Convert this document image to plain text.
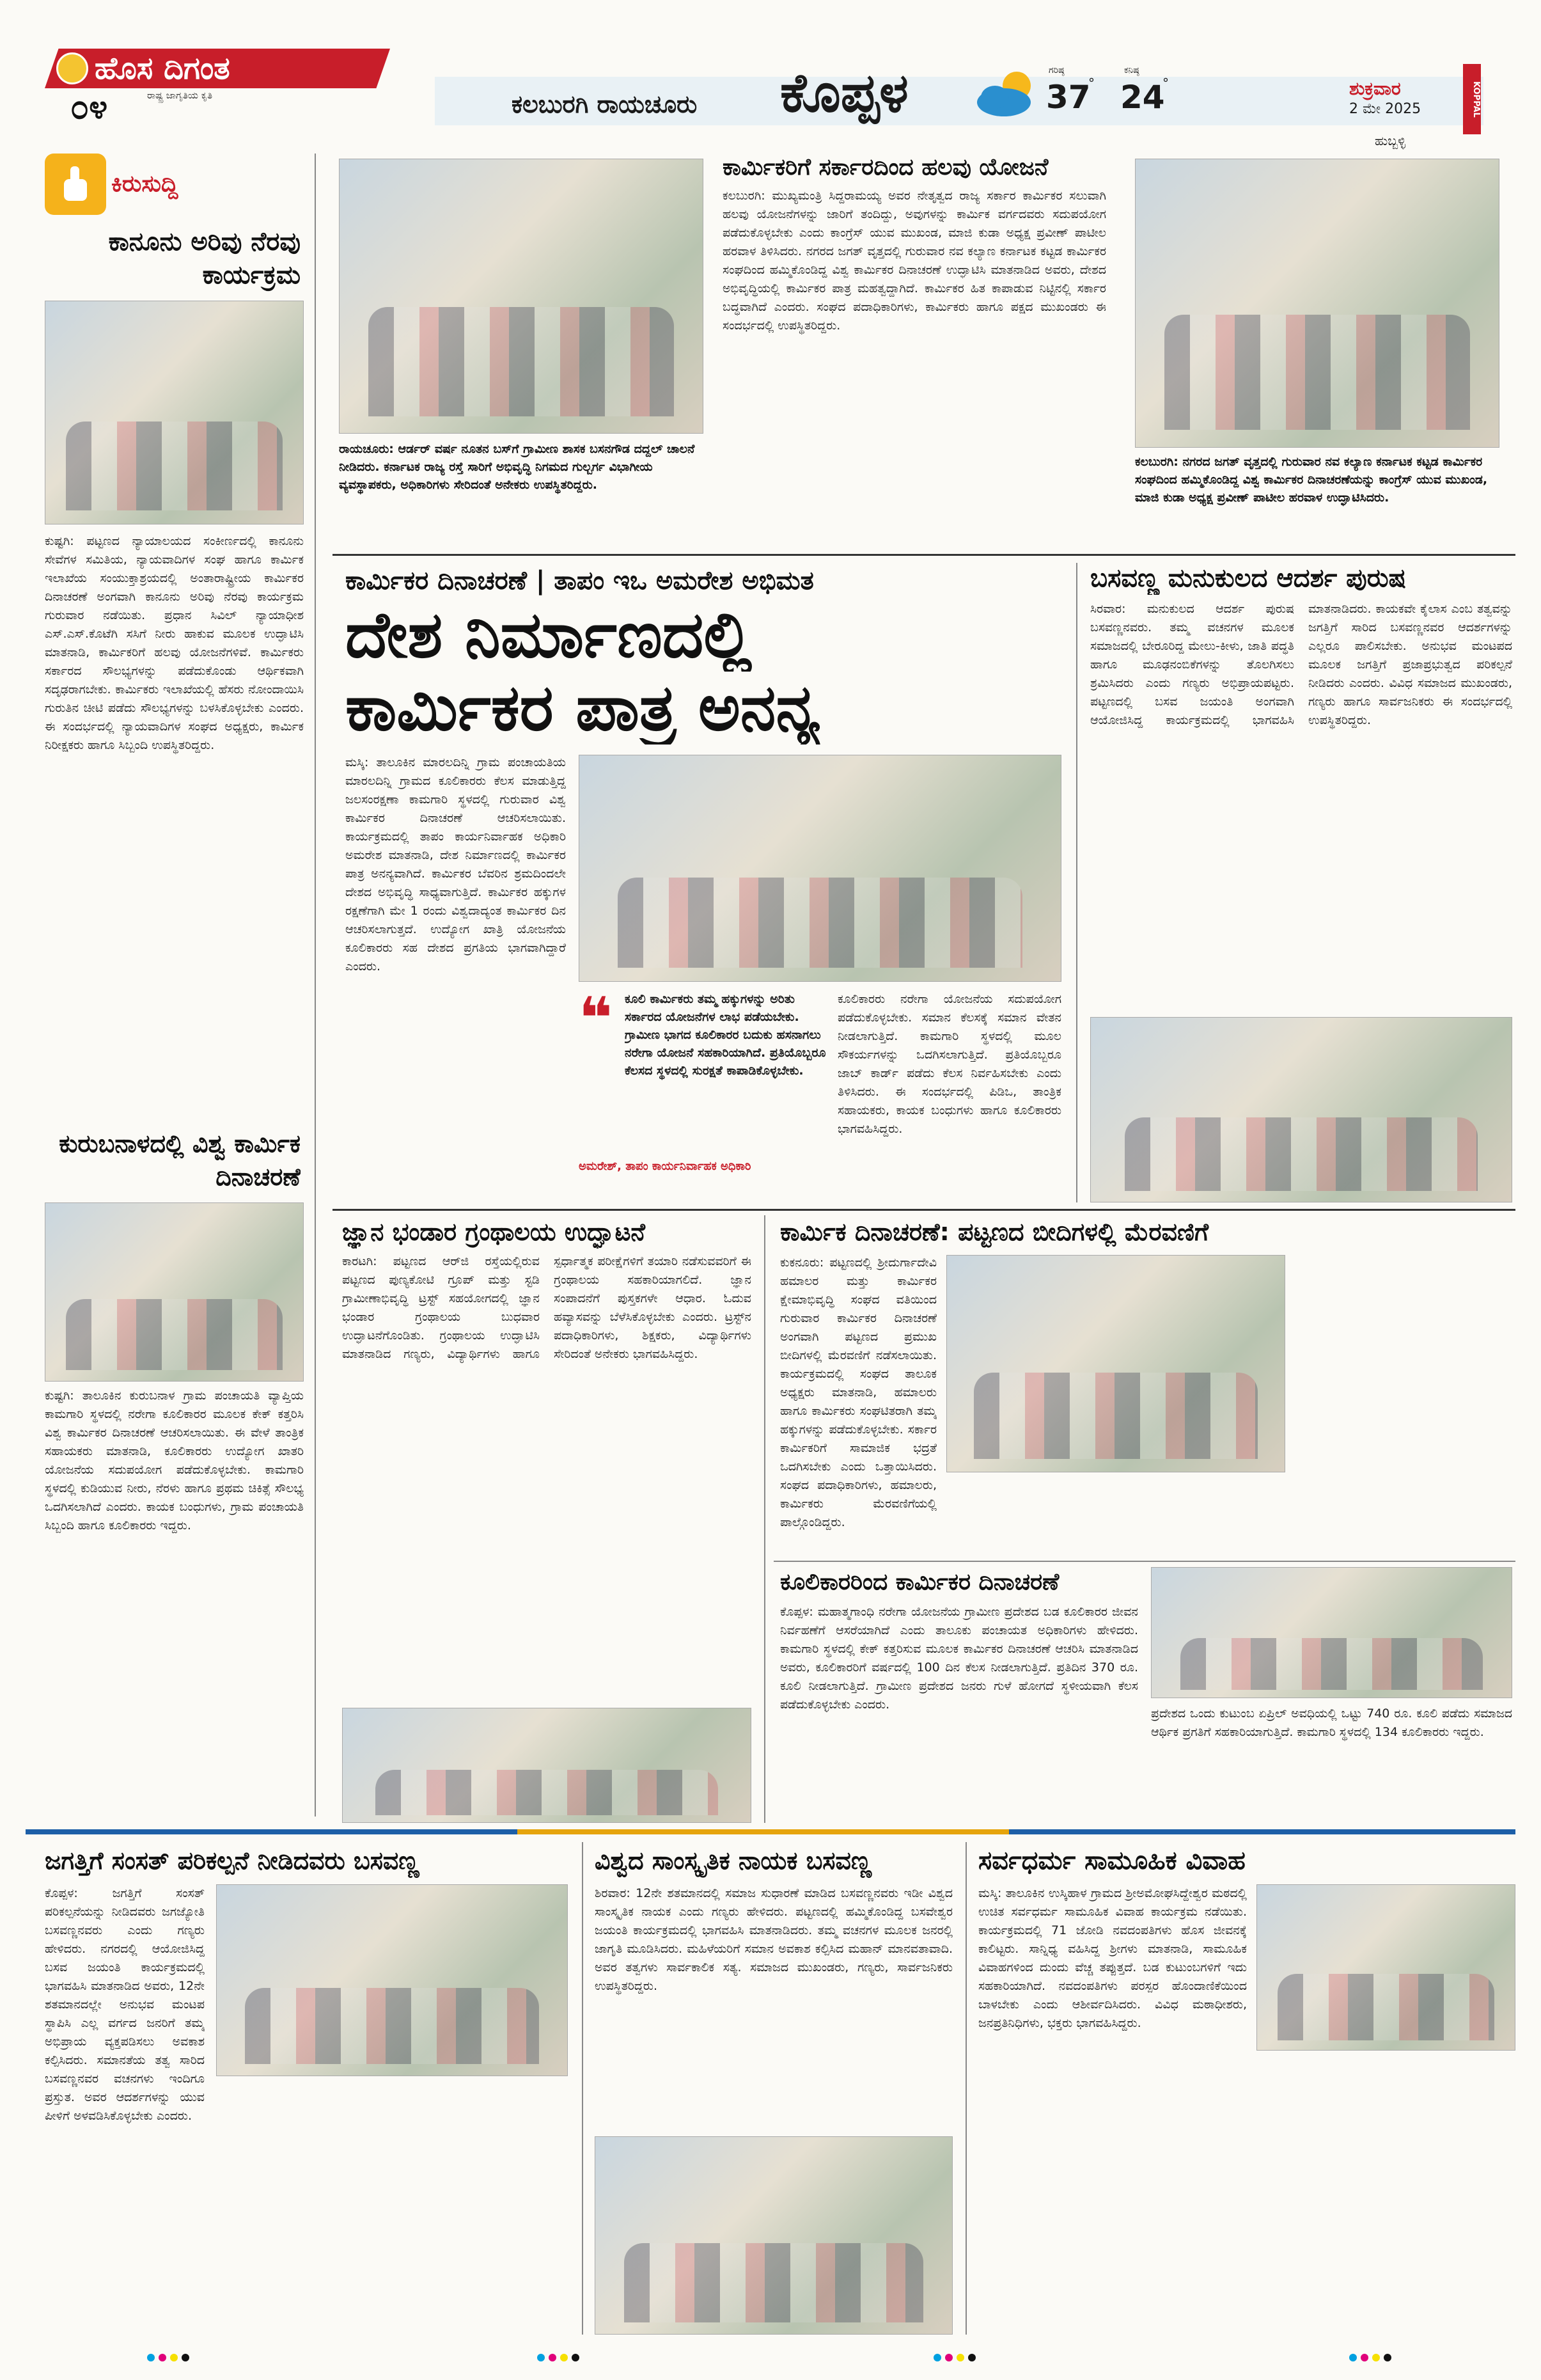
ಹೊಸ ದಿಗಂತ
ರಾಷ್ಟ್ರ ಜಾಗೃತಿಯ ಕೃತಿ
೦೪	ಕಲಬುರಗಿ ರಾಯಚೂರು	ಕೊಪ್ಪಳ	ಗರಿಷ್ಠ
37
°
ಕನಿಷ್ಠ
24
°	ಶುಕ್ರವಾರ
2 ಮೇ 2025
ಹುಬ್ಬಳ್ಳಿ
KOPPAL
ಕಿರುಸುದ್ದಿ
ಕಾನೂನು ಅರಿವು ನೆರವು ಕಾರ್ಯಕ್ರಮ
ಕುಷ್ಟಗಿ: ಪಟ್ಟಣದ ನ್ಯಾಯಾಲಯದ ಸಂಕೀರ್ಣದಲ್ಲಿ ಕಾನೂನು ಸೇವೆಗಳ ಸಮಿತಿಯ, ನ್ಯಾಯವಾದಿಗಳ ಸಂಘ ಹಾಗೂ ಕಾರ್ಮಿಕ ಇಲಾಖೆಯ ಸಂಯುಕ್ತಾಶ್ರಯದಲ್ಲಿ ಅಂತಾರಾಷ್ಟ್ರೀಯ ಕಾರ್ಮಿಕರ ದಿನಾಚರಣೆ ಅಂಗವಾಗಿ ಕಾನೂನು ಅರಿವು ನೆರವು ಕಾರ್ಯಕ್ರಮ ಗುರುವಾರ ನಡೆಯಿತು. ಪ್ರಧಾನ ಸಿವಿಲ್ ನ್ಯಾಯಾಧೀಶ ಎಸ್.ಎಸ್.ಕೊಟೆಗಿ ಸಸಿಗೆ ನೀರು ಹಾಕುವ ಮೂಲಕ ಉದ್ಘಾಟಿಸಿ ಮಾತನಾಡಿ, ಕಾರ್ಮಿಕರಿಗೆ ಹಲವು ಯೋಜನೆಗಳಿವೆ. ಕಾರ್ಮಿಕರು ಸರ್ಕಾರದ ಸೌಲಭ್ಯಗಳನ್ನು ಪಡೆದುಕೊಂಡು ಆರ್ಥಿಕವಾಗಿ ಸದೃಢರಾಗಬೇಕು. ಕಾರ್ಮಿಕರು ಇಲಾಖೆಯಲ್ಲಿ ಹೆಸರು ನೋಂದಾಯಿಸಿ ಗುರುತಿನ ಚೀಟಿ ಪಡೆದು ಸೌಲಭ್ಯಗಳನ್ನು ಬಳಸಿಕೊಳ್ಳಬೇಕು ಎಂದರು. ಈ ಸಂದರ್ಭದಲ್ಲಿ ನ್ಯಾಯವಾದಿಗಳ ಸಂಘದ ಅಧ್ಯಕ್ಷರು, ಕಾರ್ಮಿಕ ನಿರೀಕ್ಷಕರು ಹಾಗೂ ಸಿಬ್ಬಂದಿ ಉಪಸ್ಥಿತರಿದ್ದರು.
ಕುರುಬನಾಳದಲ್ಲಿ ವಿಶ್ವ ಕಾರ್ಮಿಕ ದಿನಾಚರಣೆ
ಕುಷ್ಟಗಿ: ತಾಲೂಕಿನ ಕುರುಬನಾಳ ಗ್ರಾಮ ಪಂಚಾಯತಿ ವ್ಯಾಪ್ತಿಯ ಕಾಮಗಾರಿ ಸ್ಥಳದಲ್ಲಿ ನರೇಗಾ ಕೂಲಿಕಾರರ ಮೂಲಕ ಕೇಕ್ ಕತ್ತರಿಸಿ ವಿಶ್ವ ಕಾರ್ಮಿಕರ ದಿನಾಚರಣೆ ಆಚರಿಸಲಾಯಿತು. ಈ ವೇಳೆ ತಾಂತ್ರಿಕ ಸಹಾಯಕರು ಮಾತನಾಡಿ, ಕೂಲಿಕಾರರು ಉದ್ಯೋಗ ಖಾತರಿ ಯೋಜನೆಯ ಸದುಪಯೋಗ ಪಡೆದುಕೊಳ್ಳಬೇಕು. ಕಾಮಗಾರಿ ಸ್ಥಳದಲ್ಲಿ ಕುಡಿಯುವ ನೀರು, ನೆರಳು ಹಾಗೂ ಪ್ರಥಮ ಚಿಕಿತ್ಸೆ ಸೌಲಭ್ಯ ಒದಗಿಸಲಾಗಿದೆ ಎಂದರು. ಕಾಯಕ ಬಂಧುಗಳು, ಗ್ರಾಮ ಪಂಚಾಯತಿ ಸಿಬ್ಬಂದಿ ಹಾಗೂ ಕೂಲಿಕಾರರು ಇದ್ದರು.
ರಾಯಚೂರು: ಆರ್ಡರ್ ವರ್ಷ ನೂತನ ಬಸ್‌ಗೆ ಗ್ರಾಮೀಣ ಶಾಸಕ ಬಸನಗೌಡ ದದ್ದಲ್ ಚಾಲನೆ ನೀಡಿದರು. ಕರ್ನಾಟಕ ರಾಜ್ಯ ರಸ್ತೆ ಸಾರಿಗೆ ಅಭಿವೃದ್ಧಿ ನಿಗಮದ ಗುಲ್ಬರ್ಗ ವಿಭಾಗೀಯ ವ್ಯವಸ್ಥಾಪಕರು, ಅಧಿಕಾರಿಗಳು ಸೇರಿದಂತೆ ಅನೇಕರು ಉಪಸ್ಥಿತರಿದ್ದರು.
ಕಾರ್ಮಿಕರಿಗೆ ಸರ್ಕಾರದಿಂದ ಹಲವು ಯೋಜನೆ
ಕಲಬುರಗಿ: ಮುಖ್ಯಮಂತ್ರಿ ಸಿದ್ದರಾಮಯ್ಯ ಅವರ ನೇತೃತ್ವದ ರಾಜ್ಯ ಸರ್ಕಾರ ಕಾರ್ಮಿಕರ ಸಲುವಾಗಿ ಹಲವು ಯೋಜನೆಗಳನ್ನು ಜಾರಿಗೆ ತಂದಿದ್ದು, ಅವುಗಳನ್ನು ಕಾರ್ಮಿಕ ವರ್ಗದವರು ಸದುಪಯೋಗ ಪಡೆದುಕೊಳ್ಳಬೇಕು ಎಂದು ಕಾಂಗ್ರೆಸ್ ಯುವ ಮುಖಂಡ, ಮಾಜಿ ಕುಡಾ ಅಧ್ಯಕ್ಷ ಪ್ರವೀಣ್ ಪಾಟೀಲ ಹರವಾಳ ತಿಳಿಸಿದರು. ನಗರದ ಜಗತ್ ವೃತ್ತದಲ್ಲಿ ಗುರುವಾರ ನವ ಕಲ್ಯಾಣ ಕರ್ನಾಟಕ ಕಟ್ಟಡ ಕಾರ್ಮಿಕರ ಸಂಘದಿಂದ ಹಮ್ಮಿಕೊಂಡಿದ್ದ ವಿಶ್ವ ಕಾರ್ಮಿಕರ ದಿನಾಚರಣೆ ಉದ್ಘಾಟಿಸಿ ಮಾತನಾಡಿದ ಅವರು, ದೇಶದ ಅಭಿವೃದ್ಧಿಯಲ್ಲಿ ಕಾರ್ಮಿಕರ ಪಾತ್ರ ಮಹತ್ವದ್ದಾಗಿದೆ. ಕಾರ್ಮಿಕರ ಹಿತ ಕಾಪಾಡುವ ನಿಟ್ಟಿನಲ್ಲಿ ಸರ್ಕಾರ ಬದ್ಧವಾಗಿದೆ ಎಂದರು. ಸಂಘದ ಪದಾಧಿಕಾರಿಗಳು, ಕಾರ್ಮಿಕರು ಹಾಗೂ ಪಕ್ಷದ ಮುಖಂಡರು ಈ ಸಂದರ್ಭದಲ್ಲಿ ಉಪಸ್ಥಿತರಿದ್ದರು.
ಕಲಬುರಗಿ: ನಗರದ ಜಗತ್ ವೃತ್ತದಲ್ಲಿ ಗುರುವಾರ ನವ ಕಲ್ಯಾಣ ಕರ್ನಾಟಕ ಕಟ್ಟಡ ಕಾರ್ಮಿಕರ ಸಂಘದಿಂದ ಹಮ್ಮಿಕೊಂಡಿದ್ದ ವಿಶ್ವ ಕಾರ್ಮಿಕರ ದಿನಾಚರಣೆಯನ್ನು ಕಾಂಗ್ರೆಸ್ ಯುವ ಮುಖಂಡ, ಮಾಜಿ ಕುಡಾ ಅಧ್ಯಕ್ಷ ಪ್ರವೀಣ್ ಪಾಟೀಲ ಹರವಾಳ ಉದ್ಘಾಟಿಸಿದರು.
ಕಾರ್ಮಿಕರ ದಿನಾಚರಣೆ | ತಾಪಂ ಇಒ ಅಮರೇಶ ಅಭಿಮತ
ದೇಶ ನಿರ್ಮಾಣದಲ್ಲಿ
ಕಾರ್ಮಿಕರ ಪಾತ್ರ ಅನನ್ಯ
ಮಸ್ಕಿ: ತಾಲೂಕಿನ ಮಾರಲದಿನ್ನಿ ಗ್ರಾಮ ಪಂಚಾಯತಿಯ ಮಾರಲದಿನ್ನಿ ಗ್ರಾಮದ ಕೂಲಿಕಾರರು ಕೆಲಸ ಮಾಡುತ್ತಿದ್ದ ಜಲಸಂರಕ್ಷಣಾ ಕಾಮಗಾರಿ ಸ್ಥಳದಲ್ಲಿ ಗುರುವಾರ ವಿಶ್ವ ಕಾರ್ಮಿಕರ ದಿನಾಚರಣೆ ಆಚರಿಸಲಾಯಿತು. ಕಾರ್ಯಕ್ರಮದಲ್ಲಿ ತಾಪಂ ಕಾರ್ಯನಿರ್ವಾಹಕ ಅಧಿಕಾರಿ ಅಮರೇಶ ಮಾತನಾಡಿ, ದೇಶ ನಿರ್ಮಾಣದಲ್ಲಿ ಕಾರ್ಮಿಕರ ಪಾತ್ರ ಅನನ್ಯವಾಗಿದೆ. ಕಾರ್ಮಿಕರ ಬೆವರಿನ ಶ್ರಮದಿಂದಲೇ ದೇಶದ ಅಭಿವೃದ್ಧಿ ಸಾಧ್ಯವಾಗುತ್ತಿದೆ. ಕಾರ್ಮಿಕರ ಹಕ್ಕುಗಳ ರಕ್ಷಣೆಗಾಗಿ ಮೇ 1 ರಂದು ವಿಶ್ವದಾದ್ಯಂತ ಕಾರ್ಮಿಕರ ದಿನ ಆಚರಿಸಲಾಗುತ್ತದೆ. ಉದ್ಯೋಗ ಖಾತ್ರಿ ಯೋಜನೆಯ ಕೂಲಿಕಾರರು ಸಹ ದೇಶದ ಪ್ರಗತಿಯ ಭಾಗವಾಗಿದ್ದಾರೆ ಎಂದರು.
❝	ಕೂಲಿ ಕಾರ್ಮಿಕರು ತಮ್ಮ ಹಕ್ಕುಗಳನ್ನು ಅರಿತು ಸರ್ಕಾರದ ಯೋಜನೆಗಳ ಲಾಭ ಪಡೆಯಬೇಕು. ಗ್ರಾಮೀಣ ಭಾಗದ ಕೂಲಿಕಾರರ ಬದುಕು ಹಸನಾಗಲು ನರೇಗಾ ಯೋಜನೆ ಸಹಕಾರಿಯಾಗಿದೆ. ಪ್ರತಿಯೊಬ್ಬರೂ ಕೆಲಸದ ಸ್ಥಳದಲ್ಲಿ ಸುರಕ್ಷತೆ ಕಾಪಾಡಿಕೊಳ್ಳಬೇಕು.
ಅಮರೇಶ್, ತಾಪಂ ಕಾರ್ಯನಿರ್ವಾಹಕ ಅಧಿಕಾರಿ
ಕೂಲಿಕಾರರು ನರೇಗಾ ಯೋಜನೆಯ ಸದುಪಯೋಗ ಪಡೆದುಕೊಳ್ಳಬೇಕು. ಸಮಾನ ಕೆಲಸಕ್ಕೆ ಸಮಾನ ವೇತನ ನೀಡಲಾಗುತ್ತಿದೆ. ಕಾಮಗಾರಿ ಸ್ಥಳದಲ್ಲಿ ಮೂಲ ಸೌಕರ್ಯಗಳನ್ನು ಒದಗಿಸಲಾಗುತ್ತಿದೆ. ಪ್ರತಿಯೊಬ್ಬರೂ ಜಾಬ್ ಕಾರ್ಡ್ ಪಡೆದು ಕೆಲಸ ನಿರ್ವಹಿಸಬೇಕು ಎಂದು ತಿಳಿಸಿದರು. ಈ ಸಂದರ್ಭದಲ್ಲಿ ಪಿಡಿಒ, ತಾಂತ್ರಿಕ ಸಹಾಯಕರು, ಕಾಯಕ ಬಂಧುಗಳು ಹಾಗೂ ಕೂಲಿಕಾರರು ಭಾಗವಹಿಸಿದ್ದರು.
ಬಸವಣ್ಣ ಮನುಕುಲದ ಆದರ್ಶ ಪುರುಷ
ಸಿರವಾರ: ಮನುಕುಲದ ಆದರ್ಶ ಪುರುಷ ಬಸವಣ್ಣನವರು. ತಮ್ಮ ವಚನಗಳ ಮೂಲಕ ಸಮಾಜದಲ್ಲಿ ಬೇರೂರಿದ್ದ ಮೇಲು-ಕೀಳು, ಜಾತಿ ಪದ್ಧತಿ ಹಾಗೂ ಮೂಢನಂಬಿಕೆಗಳನ್ನು ತೊಲಗಿಸಲು ಶ್ರಮಿಸಿದರು ಎಂದು ಗಣ್ಯರು ಅಭಿಪ್ರಾಯಪಟ್ಟರು. ಪಟ್ಟಣದಲ್ಲಿ ಬಸವ ಜಯಂತಿ ಅಂಗವಾಗಿ ಆಯೋಜಿಸಿದ್ದ ಕಾರ್ಯಕ್ರಮದಲ್ಲಿ ಭಾಗವಹಿಸಿ ಮಾತನಾಡಿದರು. ಕಾಯಕವೇ ಕೈಲಾಸ ಎಂಬ ತತ್ವವನ್ನು ಜಗತ್ತಿಗೆ ಸಾರಿದ ಬಸವಣ್ಣನವರ ಆದರ್ಶಗಳನ್ನು ಎಲ್ಲರೂ ಪಾಲಿಸಬೇಕು. ಅನುಭವ ಮಂಟಪದ ಮೂಲಕ ಜಗತ್ತಿಗೆ ಪ್ರಜಾಪ್ರಭುತ್ವದ ಪರಿಕಲ್ಪನೆ ನೀಡಿದರು ಎಂದರು. ವಿವಿಧ ಸಮಾಜದ ಮುಖಂಡರು, ಗಣ್ಯರು ಹಾಗೂ ಸಾರ್ವಜನಿಕರು ಈ ಸಂದರ್ಭದಲ್ಲಿ ಉಪಸ್ಥಿತರಿದ್ದರು.
ಜ್ಞಾನ ಭಂಡಾರ ಗ್ರಂಥಾಲಯ ಉದ್ಘಾಟನೆ
ಕಾರಟಗಿ: ಪಟ್ಟಣದ ಆರ್‌ಜಿ ರಸ್ತೆಯಲ್ಲಿರುವ ಪಟ್ಟಣದ ಪುಣ್ಯಕೋಟಿ ಗ್ರೂಪ್ ಮತ್ತು ಸ್ಟಡಿ ಗ್ರಾಮೀಣಾಭಿವೃದ್ಧಿ ಟ್ರಸ್ಟ್ ಸಹಯೋಗದಲ್ಲಿ ಜ್ಞಾನ ಭಂಡಾರ ಗ್ರಂಥಾಲಯ ಬುಧವಾರ ಉದ್ಘಾಟನೆಗೊಂಡಿತು. ಗ್ರಂಥಾಲಯ ಉದ್ಘಾಟಿಸಿ ಮಾತನಾಡಿದ ಗಣ್ಯರು, ವಿದ್ಯಾರ್ಥಿಗಳು ಹಾಗೂ ಸ್ಪರ್ಧಾತ್ಮಕ ಪರೀಕ್ಷೆಗಳಿಗೆ ತಯಾರಿ ನಡೆಸುವವರಿಗೆ ಈ ಗ್ರಂಥಾಲಯ ಸಹಕಾರಿಯಾಗಲಿದೆ. ಜ್ಞಾನ ಸಂಪಾದನೆಗೆ ಪುಸ್ತಕಗಳೇ ಆಧಾರ. ಓದುವ ಹವ್ಯಾಸವನ್ನು ಬೆಳೆಸಿಕೊಳ್ಳಬೇಕು ಎಂದರು. ಟ್ರಸ್ಟ್‌ನ ಪದಾಧಿಕಾರಿಗಳು, ಶಿಕ್ಷಕರು, ವಿದ್ಯಾರ್ಥಿಗಳು ಸೇರಿದಂತೆ ಅನೇಕರು ಭಾಗವಹಿಸಿದ್ದರು.
ಕಾರ್ಮಿಕ ದಿನಾಚರಣೆ: ಪಟ್ಟಣದ ಬೀದಿಗಳಲ್ಲಿ ಮೆರವಣಿಗೆ
ಕುಕನೂರು: ಪಟ್ಟಣದಲ್ಲಿ ಶ್ರೀದುರ್ಗಾದೇವಿ ಹಮಾಲರ ಮತ್ತು ಕಾರ್ಮಿಕರ ಕ್ಷೇಮಾಭಿವೃದ್ಧಿ ಸಂಘದ ವತಿಯಿಂದ ಗುರುವಾರ ಕಾರ್ಮಿಕರ ದಿನಾಚರಣೆ ಅಂಗವಾಗಿ ಪಟ್ಟಣದ ಪ್ರಮುಖ ಬೀದಿಗಳಲ್ಲಿ ಮೆರವಣಿಗೆ ನಡೆಸಲಾಯಿತು. ಕಾರ್ಯಕ್ರಮದಲ್ಲಿ ಸಂಘದ ತಾಲೂಕ ಅಧ್ಯಕ್ಷರು ಮಾತನಾಡಿ, ಹಮಾಲರು ಹಾಗೂ ಕಾರ್ಮಿಕರು ಸಂಘಟಿತರಾಗಿ ತಮ್ಮ ಹಕ್ಕುಗಳನ್ನು ಪಡೆದುಕೊಳ್ಳಬೇಕು. ಸರ್ಕಾರ ಕಾರ್ಮಿಕರಿಗೆ ಸಾಮಾಜಿಕ ಭದ್ರತೆ ಒದಗಿಸಬೇಕು ಎಂದು ಒತ್ತಾಯಿಸಿದರು. ಸಂಘದ ಪದಾಧಿಕಾರಿಗಳು, ಹಮಾಲರು, ಕಾರ್ಮಿಕರು ಮೆರವಣಿಗೆಯಲ್ಲಿ ಪಾಲ್ಗೊಂಡಿದ್ದರು.
ಕೂಲಿಕಾರರಿಂದ ಕಾರ್ಮಿಕರ ದಿನಾಚರಣೆ
ಕೊಪ್ಪಳ: ಮಹಾತ್ಮಗಾಂಧಿ ನರೇಗಾ ಯೋಜನೆಯ ಗ್ರಾಮೀಣ ಪ್ರದೇಶದ ಬಡ ಕೂಲಿಕಾರರ ಜೀವನ ನಿರ್ವಹಣೆಗೆ ಆಸರೆಯಾಗಿದೆ ಎಂದು ತಾಲೂಕು ಪಂಚಾಯತ ಅಧಿಕಾರಿಗಳು ಹೇಳಿದರು. ಕಾಮಗಾರಿ ಸ್ಥಳದಲ್ಲಿ ಕೇಕ್ ಕತ್ತರಿಸುವ ಮೂಲಕ ಕಾರ್ಮಿಕರ ದಿನಾಚರಣೆ ಆಚರಿಸಿ ಮಾತನಾಡಿದ ಅವರು, ಕೂಲಿಕಾರರಿಗೆ ವರ್ಷದಲ್ಲಿ 100 ದಿನ ಕೆಲಸ ನೀಡಲಾಗುತ್ತಿದೆ. ಪ್ರತಿದಿನ 370 ರೂ. ಕೂಲಿ ನೀಡಲಾಗುತ್ತಿದೆ. ಗ್ರಾಮೀಣ ಪ್ರದೇಶದ ಜನರು ಗುಳೆ ಹೋಗದೆ ಸ್ಥಳೀಯವಾಗಿ ಕೆಲಸ ಪಡೆದುಕೊಳ್ಳಬೇಕು ಎಂದರು.
ಪ್ರದೇಶದ ಒಂದು ಕುಟುಂಬ ಏಪ್ರಿಲ್ ಅವಧಿಯಲ್ಲಿ ಒಟ್ಟು 740 ರೂ. ಕೂಲಿ ಪಡೆದು ಸಮಾಜದ ಆರ್ಥಿಕ ಪ್ರಗತಿಗೆ ಸಹಕಾರಿಯಾಗುತ್ತಿದೆ. ಕಾಮಗಾರಿ ಸ್ಥಳದಲ್ಲಿ 134 ಕೂಲಿಕಾರರು ಇದ್ದರು.
ಜಗತ್ತಿಗೆ ಸಂಸತ್ ಪರಿಕಲ್ಪನೆ ನೀಡಿದವರು ಬಸವಣ್ಣ
ಕೊಪ್ಪಳ: ಜಗತ್ತಿಗೆ ಸಂಸತ್ ಪರಿಕಲ್ಪನೆಯನ್ನು ನೀಡಿದವರು ಜಗಜ್ಯೋತಿ ಬಸವಣ್ಣನವರು ಎಂದು ಗಣ್ಯರು ಹೇಳಿದರು. ನಗರದಲ್ಲಿ ಆಯೋಜಿಸಿದ್ದ ಬಸವ ಜಯಂತಿ ಕಾರ್ಯಕ್ರಮದಲ್ಲಿ ಭಾಗವಹಿಸಿ ಮಾತನಾಡಿದ ಅವರು, 12ನೇ ಶತಮಾನದಲ್ಲೇ ಅನುಭವ ಮಂಟಪ ಸ್ಥಾಪಿಸಿ ಎಲ್ಲ ವರ್ಗದ ಜನರಿಗೆ ತಮ್ಮ ಅಭಿಪ್ರಾಯ ವ್ಯಕ್ತಪಡಿಸಲು ಅವಕಾಶ ಕಲ್ಪಿಸಿದರು. ಸಮಾನತೆಯ ತತ್ವ ಸಾರಿದ ಬಸವಣ್ಣನವರ ವಚನಗಳು ಇಂದಿಗೂ ಪ್ರಸ್ತುತ. ಅವರ ಆದರ್ಶಗಳನ್ನು ಯುವ ಪೀಳಿಗೆ ಅಳವಡಿಸಿಕೊಳ್ಳಬೇಕು ಎಂದರು.
ವಿಶ್ವದ ಸಾಂಸ್ಕೃತಿಕ ನಾಯಕ ಬಸವಣ್ಣ
ಶಿರವಾರ: 12ನೇ ಶತಮಾನದಲ್ಲಿ ಸಮಾಜ ಸುಧಾರಣೆ ಮಾಡಿದ ಬಸವಣ್ಣನವರು ಇಡೀ ವಿಶ್ವದ ಸಾಂಸ್ಕೃತಿಕ ನಾಯಕ ಎಂದು ಗಣ್ಯರು ಹೇಳಿದರು. ಪಟ್ಟಣದಲ್ಲಿ ಹಮ್ಮಿಕೊಂಡಿದ್ದ ಬಸವೇಶ್ವರ ಜಯಂತಿ ಕಾರ್ಯಕ್ರಮದಲ್ಲಿ ಭಾಗವಹಿಸಿ ಮಾತನಾಡಿದರು. ತಮ್ಮ ವಚನಗಳ ಮೂಲಕ ಜನರಲ್ಲಿ ಜಾಗೃತಿ ಮೂಡಿಸಿದರು. ಮಹಿಳೆಯರಿಗೆ ಸಮಾನ ಅವಕಾಶ ಕಲ್ಪಿಸಿದ ಮಹಾನ್ ಮಾನವತಾವಾದಿ. ಅವರ ತತ್ವಗಳು ಸಾರ್ವಕಾಲಿಕ ಸತ್ಯ. ಸಮಾಜದ ಮುಖಂಡರು, ಗಣ್ಯರು, ಸಾರ್ವಜನಿಕರು ಉಪಸ್ಥಿತರಿದ್ದರು.
ಸರ್ವಧರ್ಮ ಸಾಮೂಹಿಕ ವಿವಾಹ
ಮಸ್ಕಿ: ತಾಲೂಕಿನ ಉಸ್ಕಿಹಾಳ ಗ್ರಾಮದ ಶ್ರೀಅಮೋಘಸಿದ್ದೇಶ್ವರ ಮಠದಲ್ಲಿ ಉಚಿತ ಸರ್ವಧರ್ಮ ಸಾಮೂಹಿಕ ವಿವಾಹ ಕಾರ್ಯಕ್ರಮ ನಡೆಯಿತು. ಕಾರ್ಯಕ್ರಮದಲ್ಲಿ 71 ಜೋಡಿ ನವದಂಪತಿಗಳು ಹೊಸ ಜೀವನಕ್ಕೆ ಕಾಲಿಟ್ಟರು. ಸಾನ್ನಿಧ್ಯ ವಹಿಸಿದ್ದ ಶ್ರೀಗಳು ಮಾತನಾಡಿ, ಸಾಮೂಹಿಕ ವಿವಾಹಗಳಿಂದ ದುಂದು ವೆಚ್ಚ ತಪ್ಪುತ್ತದೆ. ಬಡ ಕುಟುಂಬಗಳಿಗೆ ಇದು ಸಹಕಾರಿಯಾಗಿದೆ. ನವದಂಪತಿಗಳು ಪರಸ್ಪರ ಹೊಂದಾಣಿಕೆಯಿಂದ ಬಾಳಬೇಕು ಎಂದು ಆಶೀರ್ವದಿಸಿದರು. ವಿವಿಧ ಮಠಾಧೀಶರು, ಜನಪ್ರತಿನಿಧಿಗಳು, ಭಕ್ತರು ಭಾಗವಹಿಸಿದ್ದರು.
